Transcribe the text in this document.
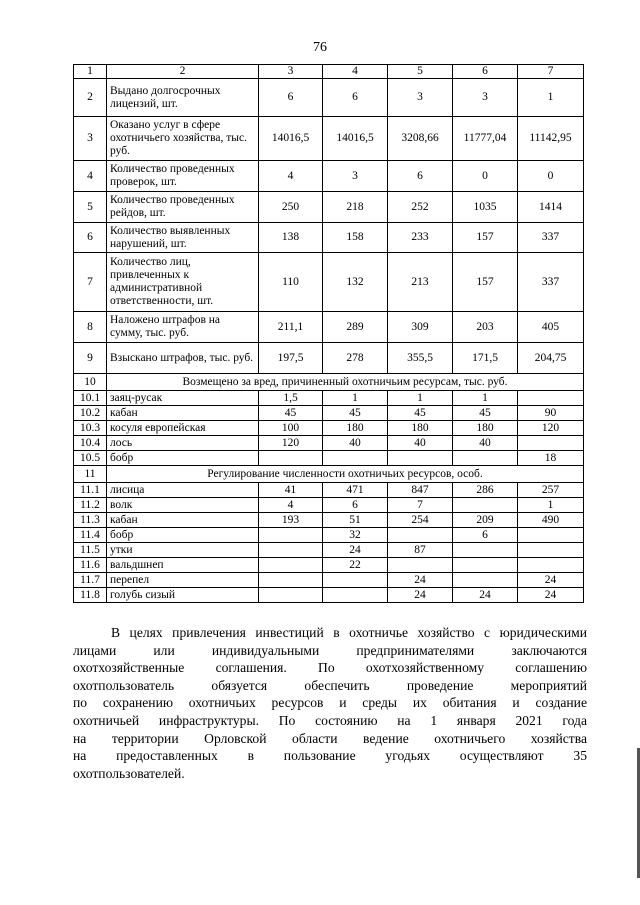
76
1	2	3	4	5	6	7
2	Выдано долгосрочных лицензий, шт.	6	6	3	3	1
3	Оказано услуг в сфере охотничьего хозяйства, тыс. руб.	14016,5	14016,5	3208,66	11777,04	11142,95
4	Количество проведенных проверок, шт.	4	3	6	0	0
5	Количество проведенных рейдов, шт.	250	218	252	1035	1414
6	Количество выявленных нарушений, шт.	138	158	233	157	337
7	Количество лиц, привлеченных к административной ответственности, шт.	110	132	213	157	337
8	Наложено штрафов на сумму, тыс. руб.	211,1	289	309	203	405
9	Взыскано штрафов, тыс. руб.	197,5	278	355,5	171,5	204,75
10	Возмещено за вред, причиненный охотничьим ресурсам, тыс. руб.					
10.1	заяц-русак	1,5	1	1	1	
10.2	кабан	45	45	45	45	90
10.3	косуля европейская	100	180	180	180	120
10.4	лось	120	40	40	40	
10.5	бобр					18
11	Регулирование численности охотничьих ресурсов, особ.					
11.1	лисица	41	471	847	286	257
11.2	волк	4	6	7		1
11.3	кабан	193	51	254	209	490
11.4	бобр		32		6	
11.5	утки		24	87		
11.6	вальдшнеп		22			
11.7	перепел			24		24
11.8	голубь сизый			24	24	24
В целях привлечения инвестиций в охотничье хозяйство с юридическими
лицами или индивидуальными предпринимателями заключаются
охотхозяйственные соглашения. По охотхозяйственному соглашению
охотпользователь обязуется обеспечить проведение мероприятий
по сохранению охотничьих ресурсов и среды их обитания и создание
охотничьей инфраструктуры. По состоянию на 1 января 2021 года
на территории Орловской области ведение охотничьего хозяйства
на предоставленных в пользование угодьях осуществляют 35
охотпользователей.
